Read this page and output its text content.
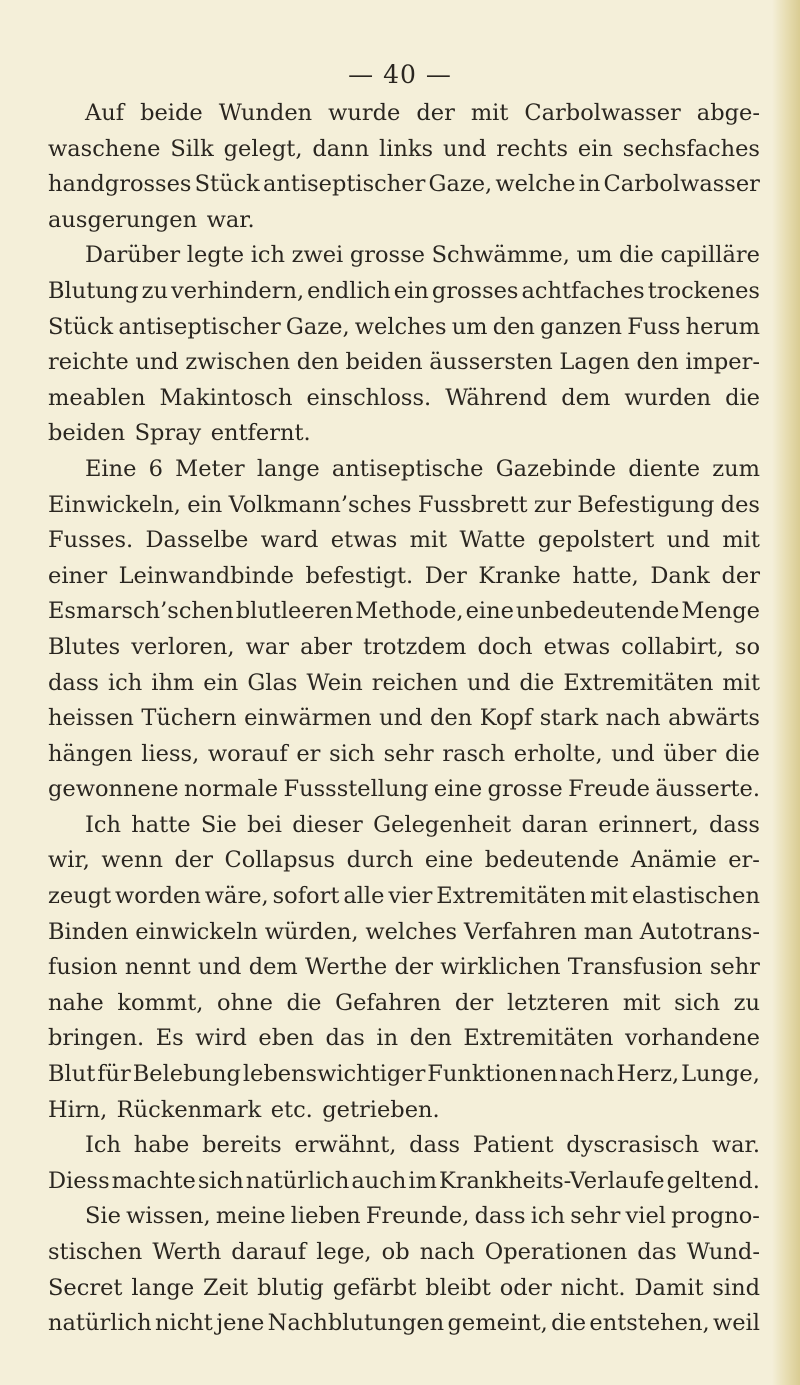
— 40 —
Auf beide Wunden wurde der mit Carbolwasser abge-
waschene Silk gelegt, dann links und rechts ein sechsfaches
handgrosses Stück antiseptischer Gaze, welche in Carbolwasser
ausgerungen war.
Darüber legte ich zwei grosse Schwämme, um die capilläre
Blutung zu verhindern, endlich ein grosses achtfaches trockenes
Stück antiseptischer Gaze, welches um den ganzen Fuss herum
reichte und zwischen den beiden äussersten Lagen den imper-
meablen Makintosch einschloss. Während dem wurden die
beiden Spray entfernt.
Eine 6 Meter lange antiseptische Gazebinde diente zum
Einwickeln, ein Volkmann’sches Fussbrett zur Befestigung des
Fusses. Dasselbe ward etwas mit Watte gepolstert und mit
einer Leinwandbinde befestigt. Der Kranke hatte, Dank der
Esmarsch’schen blutleeren Methode, eine unbedeutende Menge
Blutes verloren, war aber trotzdem doch etwas collabirt, so
dass ich ihm ein Glas Wein reichen und die Extremitäten mit
heissen Tüchern einwärmen und den Kopf stark nach abwärts
hängen liess, worauf er sich sehr rasch erholte, und über die
gewonnene normale Fussstellung eine grosse Freude äusserte.
Ich hatte Sie bei dieser Gelegenheit daran erinnert, dass
wir, wenn der Collapsus durch eine bedeutende Anämie er-
zeugt worden wäre, sofort alle vier Extremitäten mit elastischen
Binden einwickeln würden, welches Verfahren man Autotrans-
fusion nennt und dem Werthe der wirklichen Transfusion sehr
nahe kommt, ohne die Gefahren der letzteren mit sich zu
bringen. Es wird eben das in den Extremitäten vorhandene
Blut für Belebung lebenswichtiger Funktionen nach Herz, Lunge,
Hirn, Rückenmark etc. getrieben.
Ich habe bereits erwähnt, dass Patient dyscrasisch war.
Diess machte sich natürlich auch im Krankheits-Verlaufe geltend.
Sie wissen, meine lieben Freunde, dass ich sehr viel progno-
stischen Werth darauf lege, ob nach Operationen das Wund-
Secret lange Zeit blutig gefärbt bleibt oder nicht. Damit sind
natürlich nicht jene Nachblutungen gemeint, die entstehen, weil
